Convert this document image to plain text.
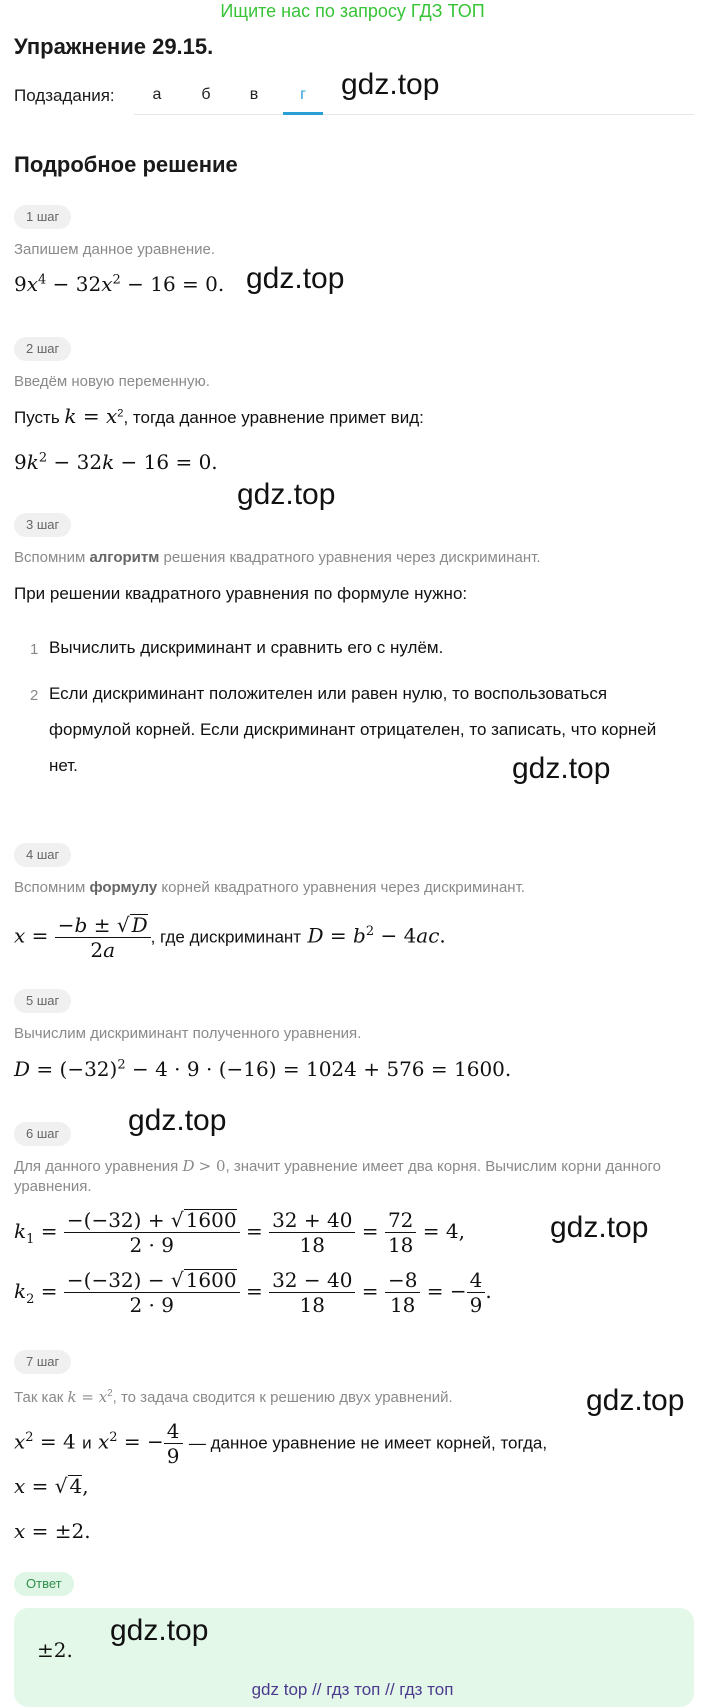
Ищите нас по запросу ГДЗ ТОП
Упражнение 29.15.
Подзадания:	а	б	в	г	gdz.top
Подробное решение
1 шаг
Запишем данное уравнение.
$9x^4 - 32x^2 - 16 = 0$. gdz.top
2 шаг
Введём новую переменную.
Пусть $k = x^2$, тогда данное уравнение примет вид:
$9k^2 - 32k - 16 = 0$.
gdz.top
3 шаг
Вспомним алгоритм решения квадратного уравнения через дискриминант.
При решении квадратного уравнения по формуле нужно:
1 Вычислить дискриминант и сравнить его с нулём.
2 Если дискриминант положителен или равен нулю, то воспользоваться формулой корней. Если дискриминант отрицателен, то записать, что корней нет.	gdz.top
4 шаг
Вспомним формулу корней квадратного уравнения через дискриминант.
$x = \frac{-b \pm √ D}{2a}$ , где дискриминант $D = b^2 - 4ac$.
5 шаг
Вычислим дискриминант полученного уравнения.
$D = (-32)^2 - 4 \cdot 9 \cdot (-16) = 1024 + 576 = 1600$.
gdz.top
6 шаг
Для данного уравнения D > 0, значит уравнение имеет два корня. Вычислим корни данного уравнения.
$k_1 = \frac{-(-32) + √ 1600}{2 \cdot 9} = \frac{32 + 40}{18} = \frac{72}{18} = 4$,
$k_2 = \frac{-(-32) - √ 1600}{2 \cdot 9} = \frac{32 - 40}{18} = \frac{-8}{18}$ = − $\frac{4}{9}$ .
gdz.top
7 шаг
Так как $k = x^2$, то задача сводится к решению двух уравнений.	gdz.top
$x^2 = 4$ и $x^2$ = − $\frac{4}{9}$ — данное уравнение не имеет корней, тогда,
x = √ 4,
x = ±2.
Ответ
±2.
gdz.top
gdz top // гдз топ // гдз топ
